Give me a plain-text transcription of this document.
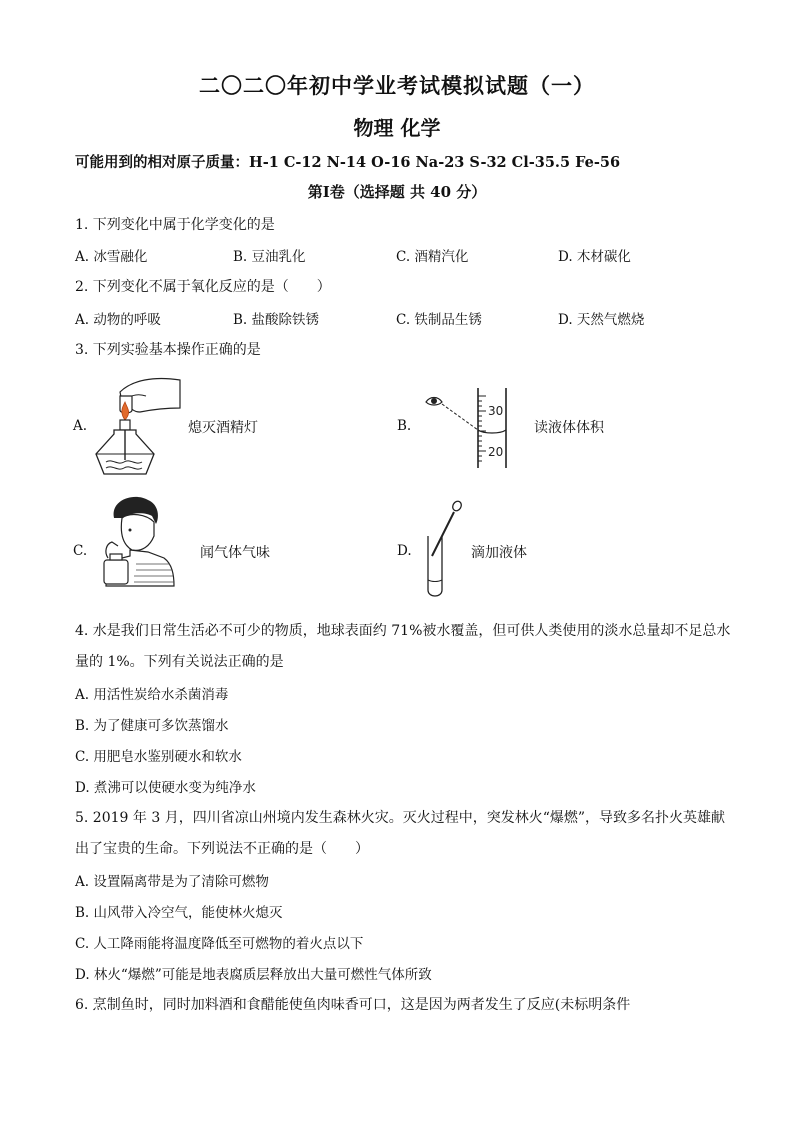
二〇二〇年初中学业考试模拟试题（一）
物理 化学
可能用到的相对原子质量：H-1 C-12 N-14 O-16 Na-23 S-32 Cl-35.5 Fe-56
第Ⅰ卷（选择题 共 40 分）
1. 下列变化中属于化学变化的是
A. 冰雪融化	B. 豆油乳化	C. 酒精汽化	D. 木材碳化
2. 下列变化不属于氧化反应的是（　　）
A. 动物的呼吸	B. 盐酸除铁锈	C. 铁制品生锈	D. 天然气燃烧
3. 下列实验基本操作正确的是
A.	熄灭酒精灯	B.
30
20
读液体体积
C.	闻气体气味	D.	滴加液体
4. 水是我们日常生活必不可少的物质，地球表面约 71%被水覆盖，但可供人类使用的淡水总量却不足总水
量的 1%。下列有关说法正确的是
A. 用活性炭给水杀菌消毒
B. 为了健康可多饮蒸馏水
C. 用肥皂水鉴别硬水和软水
D. 煮沸可以使硬水变为纯净水
5. 2019 年 3 月，四川省凉山州境内发生森林火灾。灭火过程中，突发林火“爆燃”，导致多名扑火英雄献
出了宝贵的生命。下列说法不正确的是（　　）
A. 设置隔离带是为了清除可燃物
B. 山风带入冷空气，能使林火熄灭
C. 人工降雨能将温度降低至可燃物的着火点以下
D. 林火“爆燃”可能是地表腐质层释放出大量可燃性气体所致
6. 烹制鱼时，同时加料酒和食醋能使鱼肉味香可口，这是因为两者发生了反应(未标明条件
